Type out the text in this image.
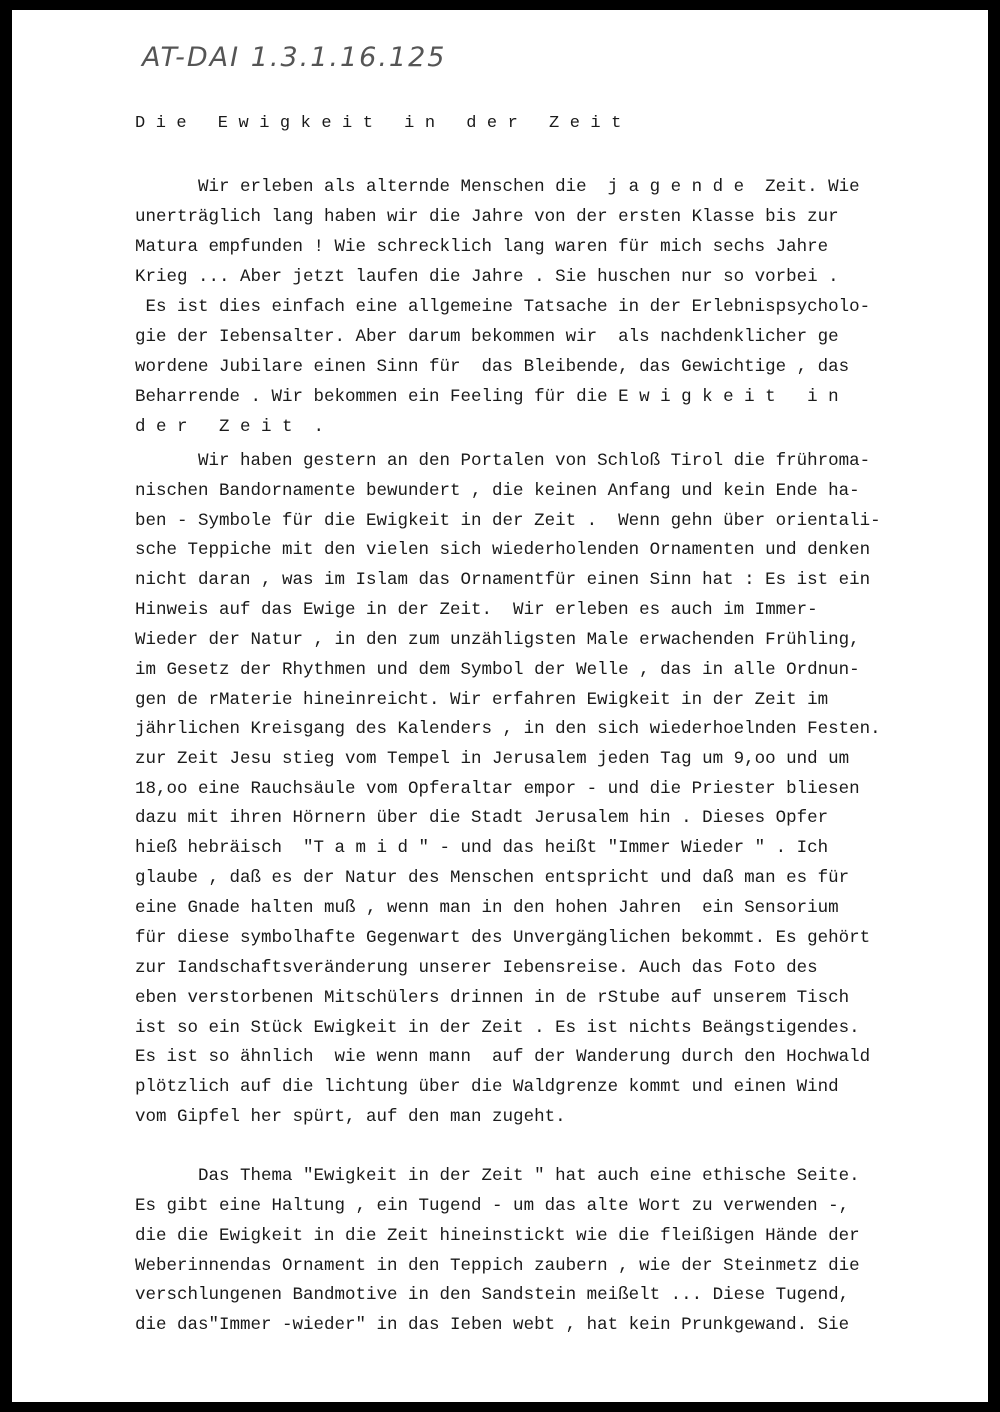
AT-DAI 1.3.1.16.125

Die Ewigkeit in der Zeit

Wir erleben als alternde Menschen die  j a g e n d e  Zeit. Wie

unerträglich lang haben wir die Jahre von der ersten Klasse bis zur

Matura empfunden ! Wie schrecklich lang waren für mich sechs Jahre

Krieg ... Aber jetzt laufen die Jahre . Sie huschen nur so vorbei .

Es ist dies einfach eine allgemeine Tatsache in der Erlebnispsycholo-

gie der Iebensalter. Aber darum bekommen wir  als nachdenklicher ge

wordene Jubilare einen Sinn für  das Bleibende, das Gewichtige , das

Beharrende . Wir bekommen ein Feeling für die E w i g k e i t   i n

d e r   Z e i t  .

Wir haben gestern an den Portalen von Schloß Tirol die frühroma-

nischen Bandornamente bewundert , die keinen Anfang und kein Ende ha-

ben - Symbole für die Ewigkeit in der Zeit .  Wenn gehn über orientali-

sche Teppiche mit den vielen sich wiederholenden Ornamenten und denken

nicht daran , was im Islam das Ornamentfür einen Sinn hat : Es ist ein

Hinweis auf das Ewige in der Zeit.  Wir erleben es auch im Immer-

Wieder der Natur , in den zum unzähligsten Male erwachenden Frühling,

im Gesetz der Rhythmen und dem Symbol der Welle , das in alle Ordnun-

gen de rMaterie hineinreicht. Wir erfahren Ewigkeit in der Zeit im

jährlichen Kreisgang des Kalenders , in den sich wiederhoelnden Festen.

zur Zeit Jesu stieg vom Tempel in Jerusalem jeden Tag um 9,oo und um

18,oo eine Rauchsäule vom Opferaltar empor - und die Priester bliesen

dazu mit ihren Hörnern über die Stadt Jerusalem hin . Dieses Opfer

hieß hebräisch  "T a m i d " - und das heißt "Immer Wieder " . Ich

glaube , daß es der Natur des Menschen entspricht und daß man es für

eine Gnade halten muß , wenn man in den hohen Jahren  ein Sensorium

für diese symbolhafte Gegenwart des Unvergänglichen bekommt. Es gehört

zur Iandschaftsveränderung unserer Iebensreise. Auch das Foto des

eben verstorbenen Mitschülers drinnen in de rStube auf unserem Tisch

ist so ein Stück Ewigkeit in der Zeit . Es ist nichts Beängstigendes.

Es ist so ähnlich  wie wenn mann  auf der Wanderung durch den Hochwald

plötzlich auf die lichtung über die Waldgrenze kommt und einen Wind

vom Gipfel her spürt, auf den man zugeht.

Das Thema "Ewigkeit in der Zeit " hat auch eine ethische Seite.

Es gibt eine Haltung , ein Tugend - um das alte Wort zu verwenden -,

die die Ewigkeit in die Zeit hineinstickt wie die fleißigen Hände der

Weberinnendas Ornament in den Teppich zaubern , wie der Steinmetz die

verschlungenen Bandmotive in den Sandstein meißelt ... Diese Tugend,

die das"Immer -wieder" in das Ieben webt , hat kein Prunkgewand. Sie
